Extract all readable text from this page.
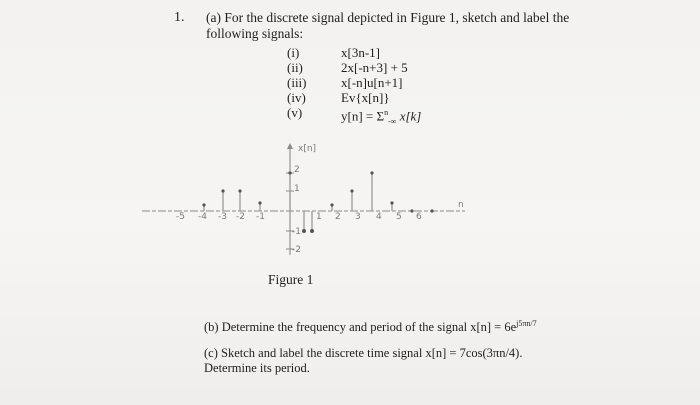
1. (a) For the discrete signal depicted in Figure 1, sketch and label the following signals:
(i)	x[3n-1]
(ii)	2x[-n+3] + 5
(iii)	x[-n]u[n+1]
(iv)	Ev{x[n]}
(v)	$y[n] = \Sigma^n_{-\infty}$ x[k]
x[n]
n
2
1
-1
-2
-5 -4 -3 -2 -1	1 2 3 4 5 6
Figure 1
(b) Determine the frequency and period of the signal $x[n] = 6e^{j5\pi n/7}$
(c) Sketch and label the discrete time signal x[n] = 7cos(3πn/4).
Determine its period.
